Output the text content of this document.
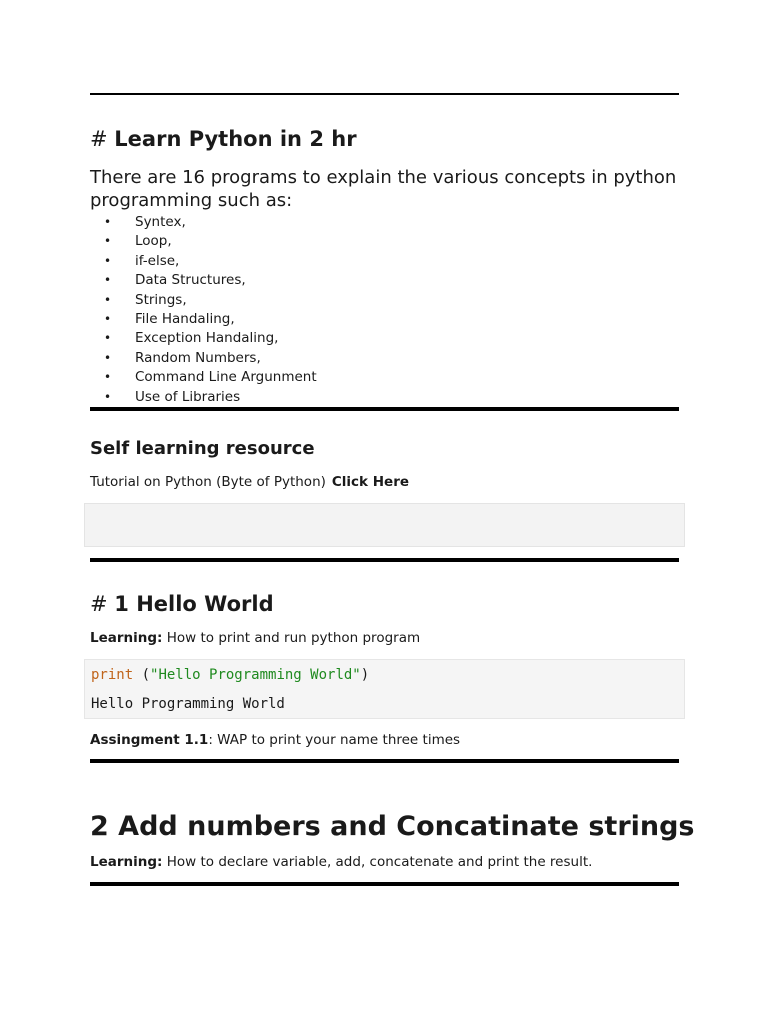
# Learn Python in 2 hr

There are 16 programs to explain the various concepts in python programming such as:

• Syntex,
• Loop,
• if-else,
• Data Structures,
• Strings,
• File Handaling,
• Exception Handaling,
• Random Numbers,
• Command Line Argunment
• Use of Libraries
Self learning resource

Tutorial on Python (Byte of Python) Click Here

# 1 Hello World

Learning: How to print and run python program

print ("Hello Programming World")
Hello Programming World

Assingment 1.1: WAP to print your name three times

2 Add numbers and Concatinate strings

Learning: How to declare variable, add, concatenate and print the result.
